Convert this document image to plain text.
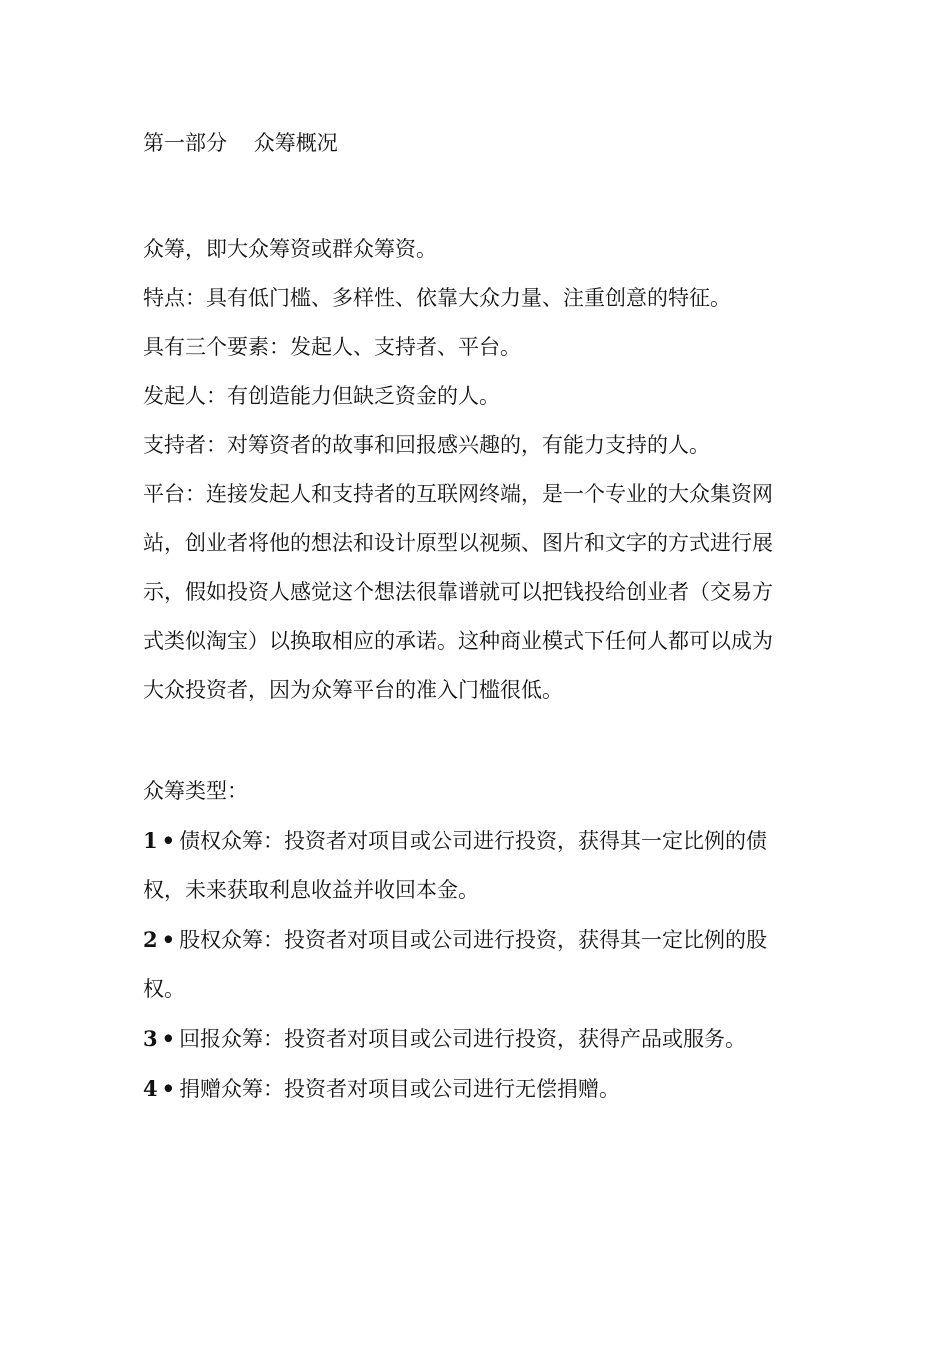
第一部分    众筹概况

众筹，即大众筹资或群众筹资。

特点：具有低门槛、多样性、依靠大众力量、注重创意的特征。

具有三个要素：发起人、支持者、平台。

发起人：有创造能力但缺乏资金的人。

支持者：对筹资者的故事和回报感兴趣的，有能力支持的人。

平台：连接发起人和支持者的互联网终端，是一个专业的大众集资网

站，创业者将他的想法和设计原型以视频、图片和文字的方式进行展

示，假如投资人感觉这个想法很靠谱就可以把钱投给创业者（交易方

式类似淘宝）以换取相应的承诺。这种商业模式下任何人都可以成为

大众投资者，因为众筹平台的准入门槛很低。

众筹类型：

1 • 债权众筹：投资者对项目或公司进行投资，获得其一定比例的债

权，未来获取利息收益并收回本金。

2 • 股权众筹：投资者对项目或公司进行投资，获得其一定比例的股

权。

3 • 回报众筹：投资者对项目或公司进行投资，获得产品或服务。

4 • 捐赠众筹：投资者对项目或公司进行无偿捐赠。
